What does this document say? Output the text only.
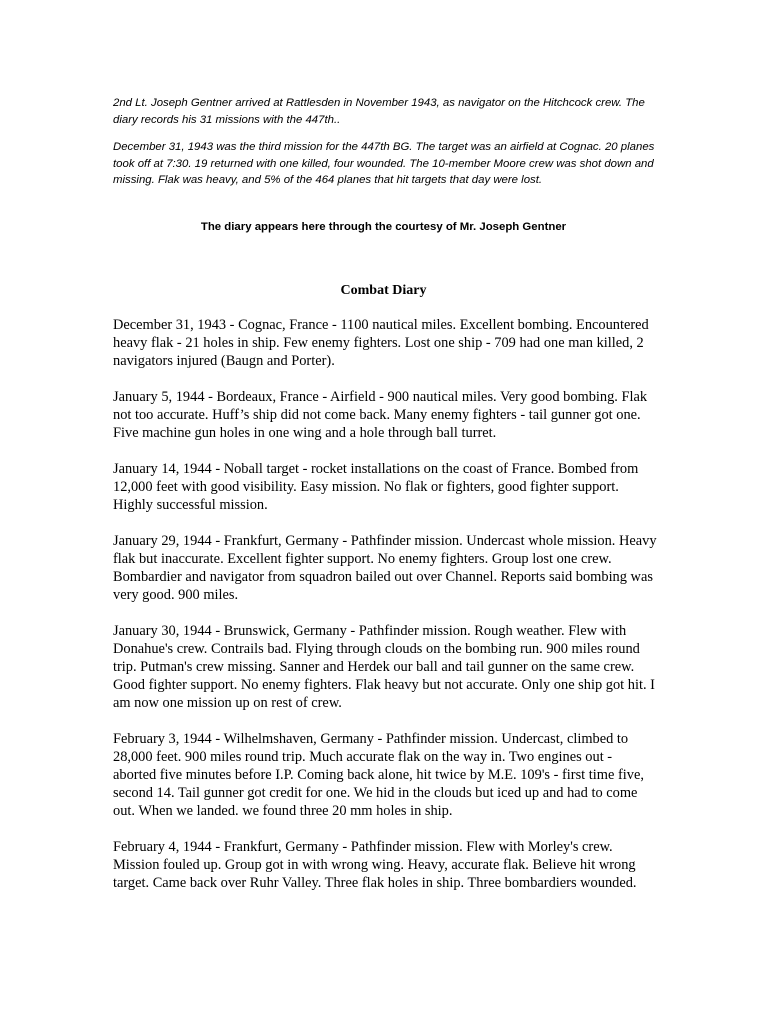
2nd Lt. Joseph Gentner arrived at Rattlesden in November 1943, as navigator on the Hitchcock crew. The diary records his 31 missions with the 447th..

December 31, 1943 was the third mission for the 447th BG. The target was an airfield at Cognac. 20 planes took off at 7:30. 19 returned with one killed, four wounded. The 10-member Moore crew was shot down and missing. Flak was heavy, and 5% of the 464 planes that hit targets that day were lost.

The diary appears here through the courtesy of Mr. Joseph Gentner

Combat Diary

December 31, 1943 - Cognac, France - 1100 nautical miles. Excellent bombing. Encountered heavy flak - 21 holes in ship. Few enemy fighters. Lost one ship - 709 had one man killed, 2 navigators injured (Baugn and Porter).

January 5, 1944 - Bordeaux, France - Airfield - 900 nautical miles. Very good bombing. Flak not too accurate. Huff’s ship did not come back. Many enemy fighters - tail gunner got one. Five machine gun holes in one wing and a hole through ball turret.

January 14, 1944 - Noball target - rocket installations on the coast of France. Bombed from 12,000 feet with good visibility. Easy mission. No flak or fighters, good fighter support. Highly successful mission.

January 29, 1944 - Frankfurt, Germany - Pathfinder mission. Undercast whole mission. Heavy flak but inaccurate. Excellent fighter support. No enemy fighters. Group lost one crew. Bombardier and navigator from squadron bailed out over Channel. Reports said bombing was very good. 900 miles.

January 30, 1944 - Brunswick, Germany - Pathfinder mission. Rough weather. Flew with Donahue's crew. Contrails bad. Flying through clouds on the bombing run. 900 miles round trip. Putman's crew missing. Sanner and Herdek our ball and tail gunner on the same crew. Good fighter support. No enemy fighters. Flak heavy but not accurate. Only one ship got hit. I am now one mission up on rest of crew.

February 3, 1944 - Wilhelmshaven, Germany - Pathfinder mission. Undercast, climbed to 28,000 feet. 900 miles round trip. Much accurate flak on the way in. Two engines out - aborted five minutes before I.P. Coming back alone, hit twice by M.E. 109's - first time five, second 14. Tail gunner got credit for one. We hid in the clouds but iced up and had to come out. When we landed. we found three 20 mm holes in ship.

February 4, 1944 - Frankfurt, Germany - Pathfinder mission. Flew with Morley's crew. Mission fouled up. Group got in with wrong wing. Heavy, accurate flak. Believe hit wrong target. Came back over Ruhr Valley. Three flak holes in ship. Three bombardiers wounded.
